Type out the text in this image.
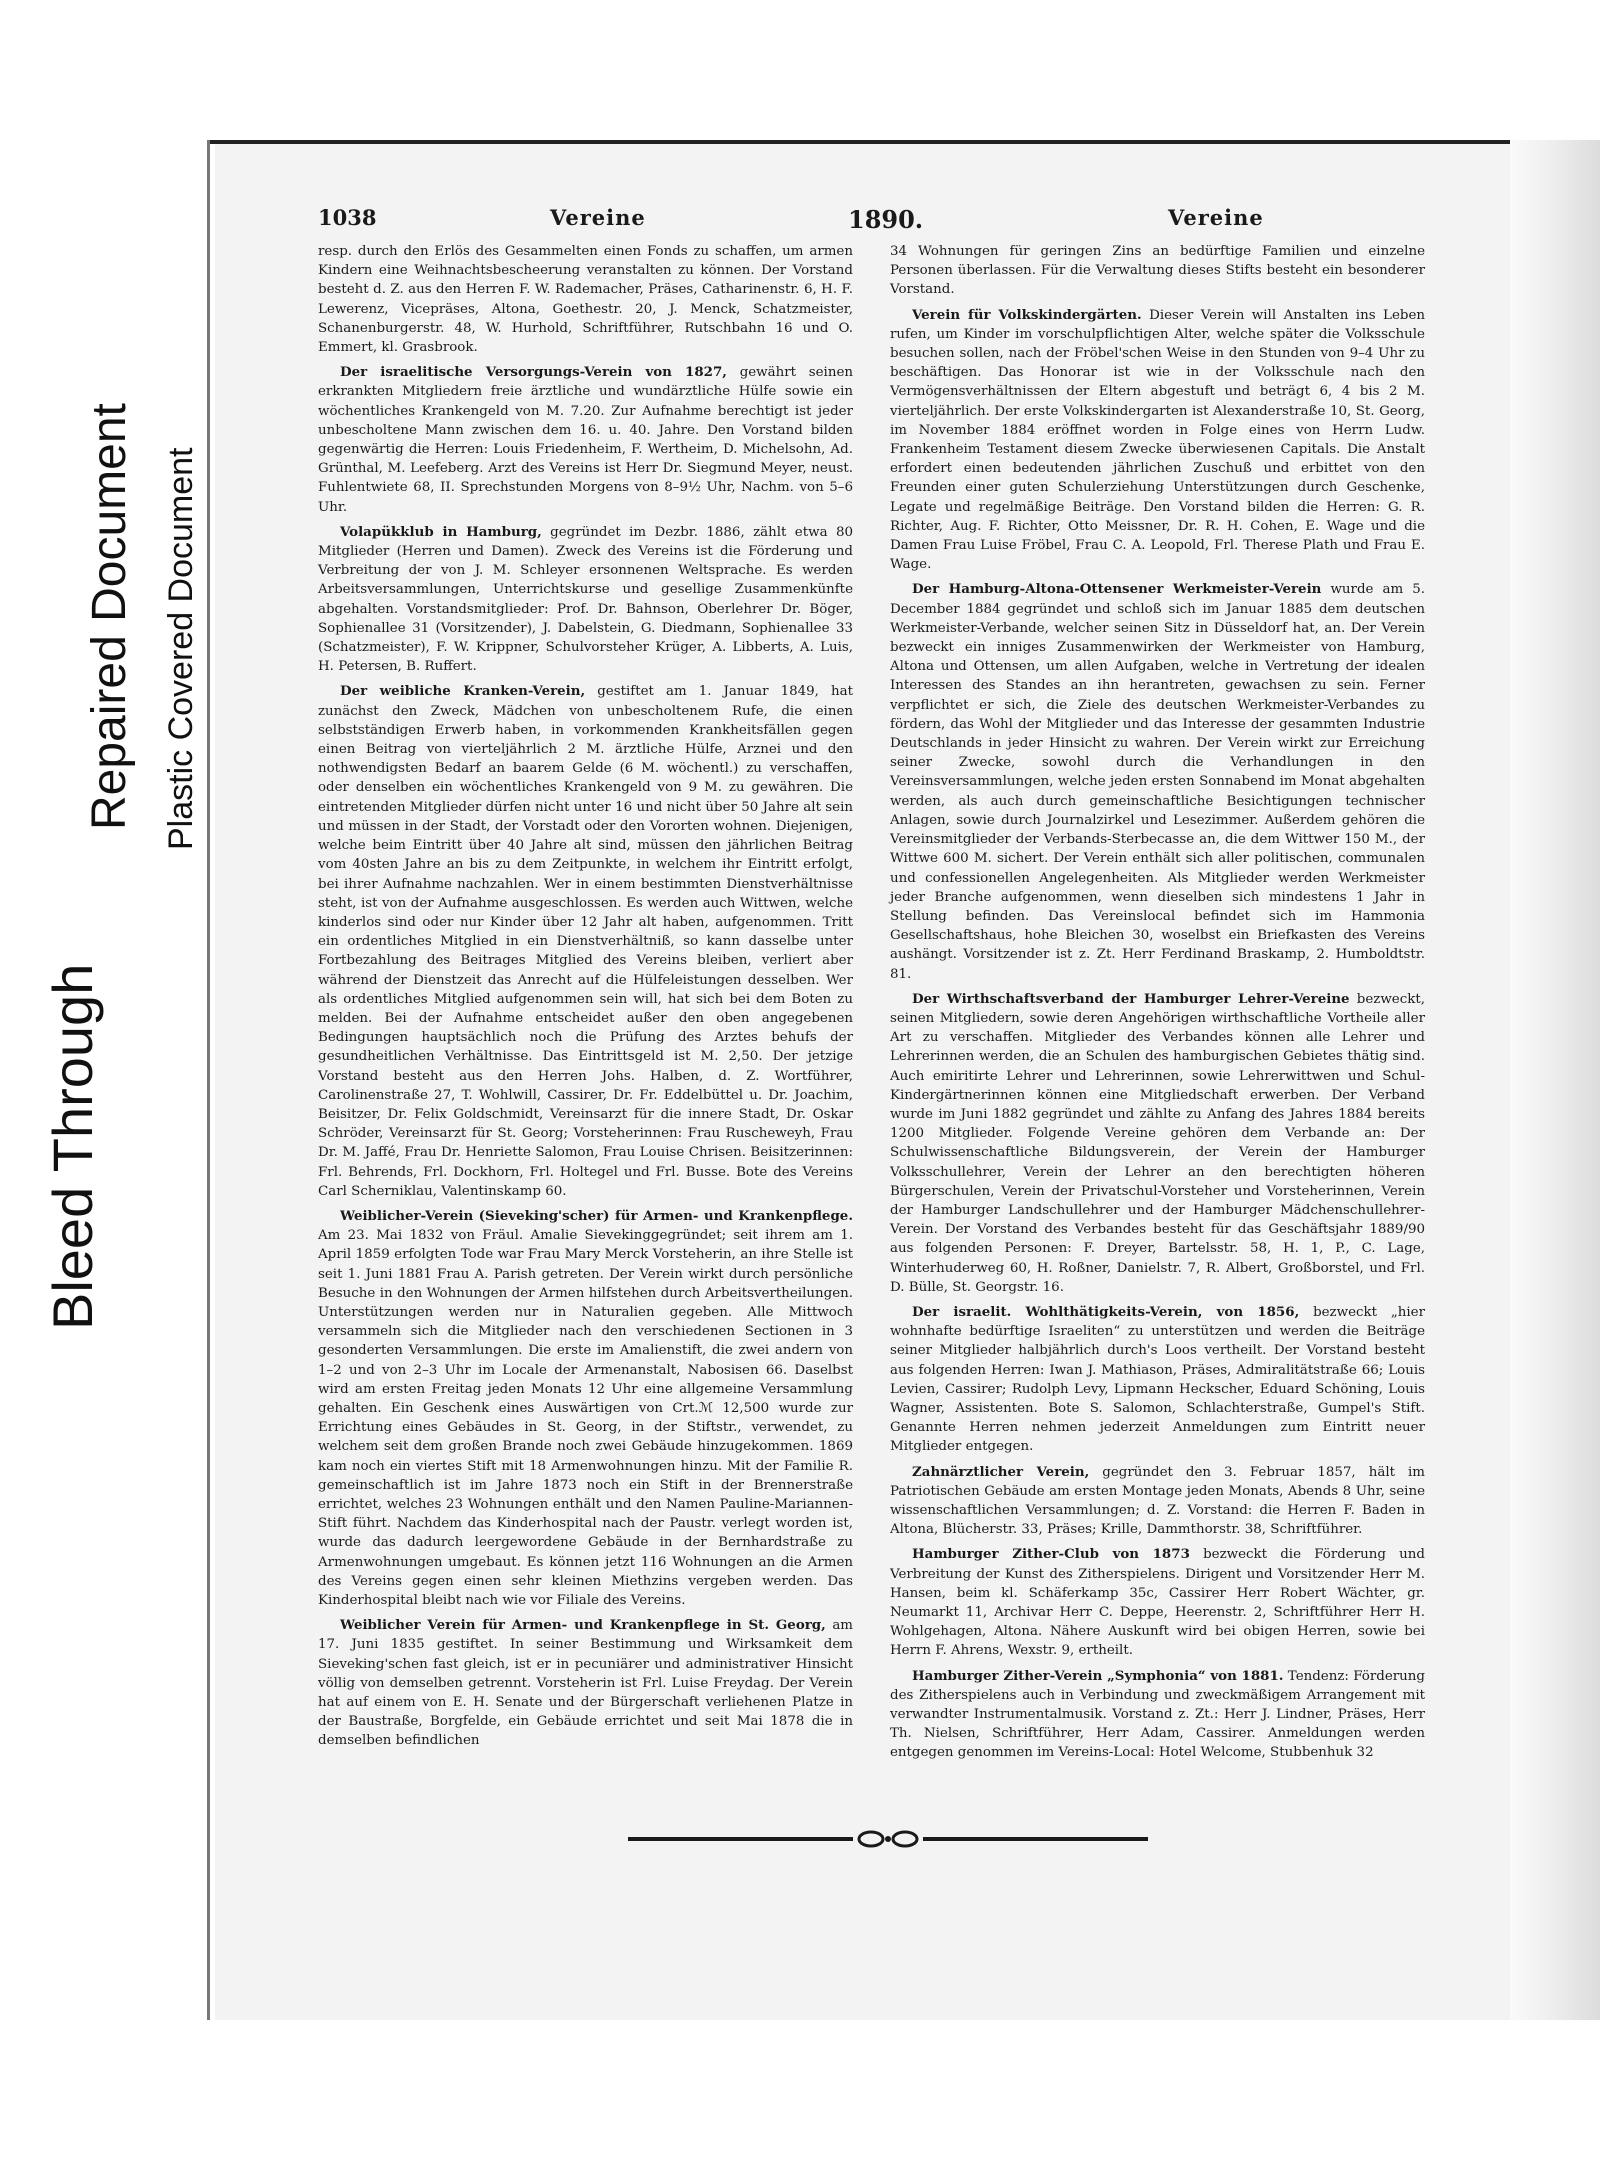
Bleed Through
Repaired Document Plastic Covered Document
1038	Vereine	1890.	Vereine

resp. durch den Erlös des Gesammelten einen Fonds zu schaffen, um armen Kindern eine Weihnachtsbescheerung veranstalten zu können. Der Vorstand besteht d. Z. aus den Herren F. W. Rademacher, Präses, Catharinenstr. 6, H. F. Lewerenz, Vicepräses, Altona, Goethestr. 20, J. Menck, Schatzmeister, Schanenburgerstr. 48, W. Hurhold, Schriftführer, Rutschbahn 16 und O. Emmert, kl. Grasbrook.

Der israelitische Versorgungs-Verein von 1827, gewährt seinen erkrankten Mitgliedern freie ärztliche und wundärztliche Hülfe sowie ein wöchentliches Krankengeld von M. 7.20. Zur Aufnahme berechtigt ist jeder unbescholtene Mann zwischen dem 16. u. 40. Jahre. Den Vorstand bilden gegenwärtig die Herren: Louis Friedenheim, F. Wertheim, D. Michelsohn, Ad. Grünthal, M. Leefeberg. Arzt des Vereins ist Herr Dr. Siegmund Meyer, neust. Fuhlentwiete 68, II. Sprechstunden Morgens von 8–9½ Uhr, Nachm. von 5–6 Uhr.

Volapükklub in Hamburg, gegründet im Dezbr. 1886, zählt etwa 80 Mitglieder (Herren und Damen). Zweck des Vereins ist die Förderung und Verbreitung der von J. M. Schleyer ersonnenen Weltsprache. Es werden Arbeitsversammlungen, Unterrichtskurse und gesellige Zusammenkünfte abgehalten. Vorstandsmitglieder: Prof. Dr. Bahnson, Oberlehrer Dr. Böger, Sophienallee 31 (Vorsitzender), J. Dabelstein, G. Diedmann, Sophienallee 33 (Schatzmeister), F. W. Krippner, Schulvorsteher Krüger, A. Libberts, A. Luis, H. Petersen, B. Ruffert.

Der weibliche Kranken-Verein, gestiftet am 1. Januar 1849, hat zunächst den Zweck, Mädchen von unbescholtenem Rufe, die einen selbstständigen Erwerb haben, in vorkommenden Krankheitsfällen gegen einen Beitrag von vierteljährlich 2 M. ärztliche Hülfe, Arznei und den nothwendigsten Bedarf an baarem Gelde (6 M. wöchentl.) zu verschaffen, oder denselben ein wöchentliches Krankengeld von 9 M. zu gewähren. Die eintretenden Mitglieder dürfen nicht unter 16 und nicht über 50 Jahre alt sein und müssen in der Stadt, der Vorstadt oder den Vororten wohnen. Diejenigen, welche beim Eintritt über 40 Jahre alt sind, müssen den jährlichen Beitrag vom 40sten Jahre an bis zu dem Zeitpunkte, in welchem ihr Eintritt erfolgt, bei ihrer Aufnahme nachzahlen. Wer in einem bestimmten Dienstverhältnisse steht, ist von der Aufnahme ausgeschlossen. Es werden auch Wittwen, welche kinderlos sind oder nur Kinder über 12 Jahr alt haben, aufgenommen. Tritt ein ordentliches Mitglied in ein Dienstverhältniß, so kann dasselbe unter Fortbezahlung des Beitrages Mitglied des Vereins bleiben, verliert aber während der Dienstzeit das Anrecht auf die Hülfeleistungen desselben. Wer als ordentliches Mitglied aufgenommen sein will, hat sich bei dem Boten zu melden. Bei der Aufnahme entscheidet außer den oben angegebenen Bedingungen hauptsächlich noch die Prüfung des Arztes behufs der gesundheitlichen Verhältnisse. Das Eintrittsgeld ist M. 2,50. Der jetzige Vorstand besteht aus den Herren Johs. Halben, d. Z. Wortführer, Carolinenstraße 27, T. Wohlwill, Cassirer, Dr. Fr. Eddelbüttel u. Dr. Joachim, Beisitzer, Dr. Felix Goldschmidt, Vereinsarzt für die innere Stadt, Dr. Oskar Schröder, Vereinsarzt für St. Georg; Vorsteherinnen: Frau Ruscheweyh, Frau Dr. M. Jaffé, Frau Dr. Henriette Salomon, Frau Louise Chrisen. Beisitzerinnen: Frl. Behrends, Frl. Dockhorn, Frl. Holtegel und Frl. Busse. Bote des Vereins Carl Scherniklau, Valentinskamp 60.

Weiblicher-Verein (Sieveking'scher) für Armen- und Krankenpflege. Am 23. Mai 1832 von Fräul. Amalie Sievekinggegründet; seit ihrem am 1. April 1859 erfolgten Tode war Frau Mary Merck Vorsteherin, an ihre Stelle ist seit 1. Juni 1881 Frau A. Parish getreten. Der Verein wirkt durch persönliche Besuche in den Wohnungen der Armen hilfstehen durch Arbeitsvertheilungen. Unterstützungen werden nur in Naturalien gegeben. Alle Mittwoch versammeln sich die Mitglieder nach den verschiedenen Sectionen in 3 gesonderten Versammlungen. Die erste im Amalienstift, die zwei andern von 1–2 und von 2–3 Uhr im Locale der Armenanstalt, Nabosisen 66. Daselbst wird am ersten Freitag jeden Monats 12 Uhr eine allgemeine Versammlung gehalten. Ein Geschenk eines Auswärtigen von Crt.ℳ 12,500 wurde zur Errichtung eines Gebäudes in St. Georg, in der Stiftstr., verwendet, zu welchem seit dem großen Brande noch zwei Gebäude hinzugekommen. 1869 kam noch ein viertes Stift mit 18 Armenwohnungen hinzu. Mit der Familie R. gemeinschaftlich ist im Jahre 1873 noch ein Stift in der Brennerstraße errichtet, welches 23 Wohnungen enthält und den Namen Pauline-Mariannen-Stift führt. Nachdem das Kinderhospital nach der Paustr. verlegt worden ist, wurde das dadurch leergewordene Gebäude in der Bernhardstraße zu Armenwohnungen umgebaut. Es können jetzt 116 Wohnungen an die Armen des Vereins gegen einen sehr kleinen Miethzins vergeben werden. Das Kinderhospital bleibt nach wie vor Filiale des Vereins.

Weiblicher Verein für Armen- und Krankenpflege in St. Georg, am 17. Juni 1835 gestiftet. In seiner Bestimmung und Wirksamkeit dem Sieveking'schen fast gleich, ist er in pecuniärer und administrativer Hinsicht völlig von demselben getrennt. Vorsteherin ist Frl. Luise Freydag. Der Verein hat auf einem von E. H. Senate und der Bürgerschaft verliehenen Platze in der Baustraße, Borgfelde, ein Gebäude errichtet und seit Mai 1878 die in demselben befindlichen

34 Wohnungen für geringen Zins an bedürftige Familien und einzelne Personen überlassen. Für die Verwaltung dieses Stifts besteht ein besonderer Vorstand.

Verein für Volkskindergärten. Dieser Verein will Anstalten ins Leben rufen, um Kinder im vorschulpflichtigen Alter, welche später die Volksschule besuchen sollen, nach der Fröbel'schen Weise in den Stunden von 9–4 Uhr zu beschäftigen. Das Honorar ist wie in der Volksschule nach den Vermögensverhältnissen der Eltern abgestuft und beträgt 6, 4 bis 2 M. vierteljährlich. Der erste Volkskindergarten ist Alexanderstraße 10, St. Georg, im November 1884 eröffnet worden in Folge eines von Herrn Ludw. Frankenheim Testament diesem Zwecke überwiesenen Capitals. Die Anstalt erfordert einen bedeutenden jährlichen Zuschuß und erbittet von den Freunden einer guten Schulerziehung Unterstützungen durch Geschenke, Legate und regelmäßige Beiträge. Den Vorstand bilden die Herren: G. R. Richter, Aug. F. Richter, Otto Meissner, Dr. R. H. Cohen, E. Wage und die Damen Frau Luise Fröbel, Frau C. A. Leopold, Frl. Therese Plath und Frau E. Wage.

Der Hamburg-Altona-Ottensener Werkmeister-Verein wurde am 5. December 1884 gegründet und schloß sich im Januar 1885 dem deutschen Werkmeister-Verbande, welcher seinen Sitz in Düsseldorf hat, an. Der Verein bezweckt ein inniges Zusammenwirken der Werkmeister von Hamburg, Altona und Ottensen, um allen Aufgaben, welche in Vertretung der idealen Interessen des Standes an ihn herantreten, gewachsen zu sein. Ferner verpflichtet er sich, die Ziele des deutschen Werkmeister-Verbandes zu fördern, das Wohl der Mitglieder und das Interesse der gesammten Industrie Deutschlands in jeder Hinsicht zu wahren. Der Verein wirkt zur Erreichung seiner Zwecke, sowohl durch die Verhandlungen in den Vereinsversammlungen, welche jeden ersten Sonnabend im Monat abgehalten werden, als auch durch gemeinschaftliche Besichtigungen technischer Anlagen, sowie durch Journalzirkel und Lesezimmer. Außerdem gehören die Vereinsmitglieder der Verbands-Sterbecasse an, die dem Wittwer 150 M., der Wittwe 600 M. sichert. Der Verein enthält sich aller politischen, communalen und confessionellen Angelegenheiten. Als Mitglieder werden Werkmeister jeder Branche aufgenommen, wenn dieselben sich mindestens 1 Jahr in Stellung befinden. Das Vereinslocal befindet sich im Hammonia Gesellschaftshaus, hohe Bleichen 30, woselbst ein Briefkasten des Vereins aushängt. Vorsitzender ist z. Zt. Herr Ferdinand Braskamp, 2. Humboldtstr. 81.

Der Wirthschaftsverband der Hamburger Lehrer-Vereine bezweckt, seinen Mitgliedern, sowie deren Angehörigen wirthschaftliche Vortheile aller Art zu verschaffen. Mitglieder des Verbandes können alle Lehrer und Lehrerinnen werden, die an Schulen des hamburgischen Gebietes thätig sind. Auch emiritirte Lehrer und Lehrerinnen, sowie Lehrerwittwen und Schul-Kindergärtnerinnen können eine Mitgliedschaft erwerben. Der Verband wurde im Juni 1882 gegründet und zählte zu Anfang des Jahres 1884 bereits 1200 Mitglieder. Folgende Vereine gehören dem Verbande an: Der Schulwissenschaftliche Bildungsverein, der Verein der Hamburger Volksschullehrer, Verein der Lehrer an den berechtigten höheren Bürgerschulen, Verein der Privatschul-Vorsteher und Vorsteherinnen, Verein der Hamburger Landschullehrer und der Hamburger Mädchenschullehrer-Verein. Der Vorstand des Verbandes besteht für das Geschäftsjahr 1889/90 aus folgenden Personen: F. Dreyer, Bartelsstr. 58, H. 1, P., C. Lage, Winterhuderweg 60, H. Roßner, Danielstr. 7, R. Albert, Großborstel, und Frl. D. Bülle, St. Georgstr. 16.

Der israelit. Wohlthätigkeits-Verein, von 1856, bezweckt „hier wohnhafte bedürftige Israeliten“ zu unterstützen und werden die Beiträge seiner Mitglieder halbjährlich durch's Loos vertheilt. Der Vorstand besteht aus folgenden Herren: Iwan J. Mathiason, Präses, Admiralitätstraße 66; Louis Levien, Cassirer; Rudolph Levy, Lipmann Heckscher, Eduard Schöning, Louis Wagner, Assistenten. Bote S. Salomon, Schlachterstraße, Gumpel's Stift. Genannte Herren nehmen jederzeit Anmeldungen zum Eintritt neuer Mitglieder entgegen.

Zahnärztlicher Verein, gegründet den 3. Februar 1857, hält im Patriotischen Gebäude am ersten Montage jeden Monats, Abends 8 Uhr, seine wissenschaftlichen Versammlungen; d. Z. Vorstand: die Herren F. Baden in Altona, Blücherstr. 33, Präses; Krille, Dammthorstr. 38, Schriftführer.

Hamburger Zither-Club von 1873 bezweckt die Förderung und Verbreitung der Kunst des Zitherspielens. Dirigent und Vorsitzender Herr M. Hansen, beim kl. Schäferkamp 35c, Cassirer Herr Robert Wächter, gr. Neumarkt 11, Archivar Herr C. Deppe, Heerenstr. 2, Schriftführer Herr H. Wohlgehagen, Altona. Nähere Auskunft wird bei obigen Herren, sowie bei Herrn F. Ahrens, Wexstr. 9, ertheilt.

Hamburger Zither-Verein „Symphonia“ von 1881. Tendenz: Förderung des Zitherspielens auch in Verbindung und zweckmäßigem Arrangement mit verwandter Instrumentalmusik. Vorstand z. Zt.: Herr J. Lindner, Präses, Herr Th. Nielsen, Schriftführer, Herr Adam, Cassirer. Anmeldungen werden entgegen genommen im Vereins-Local: Hotel Welcome, Stubbenhuk 32
